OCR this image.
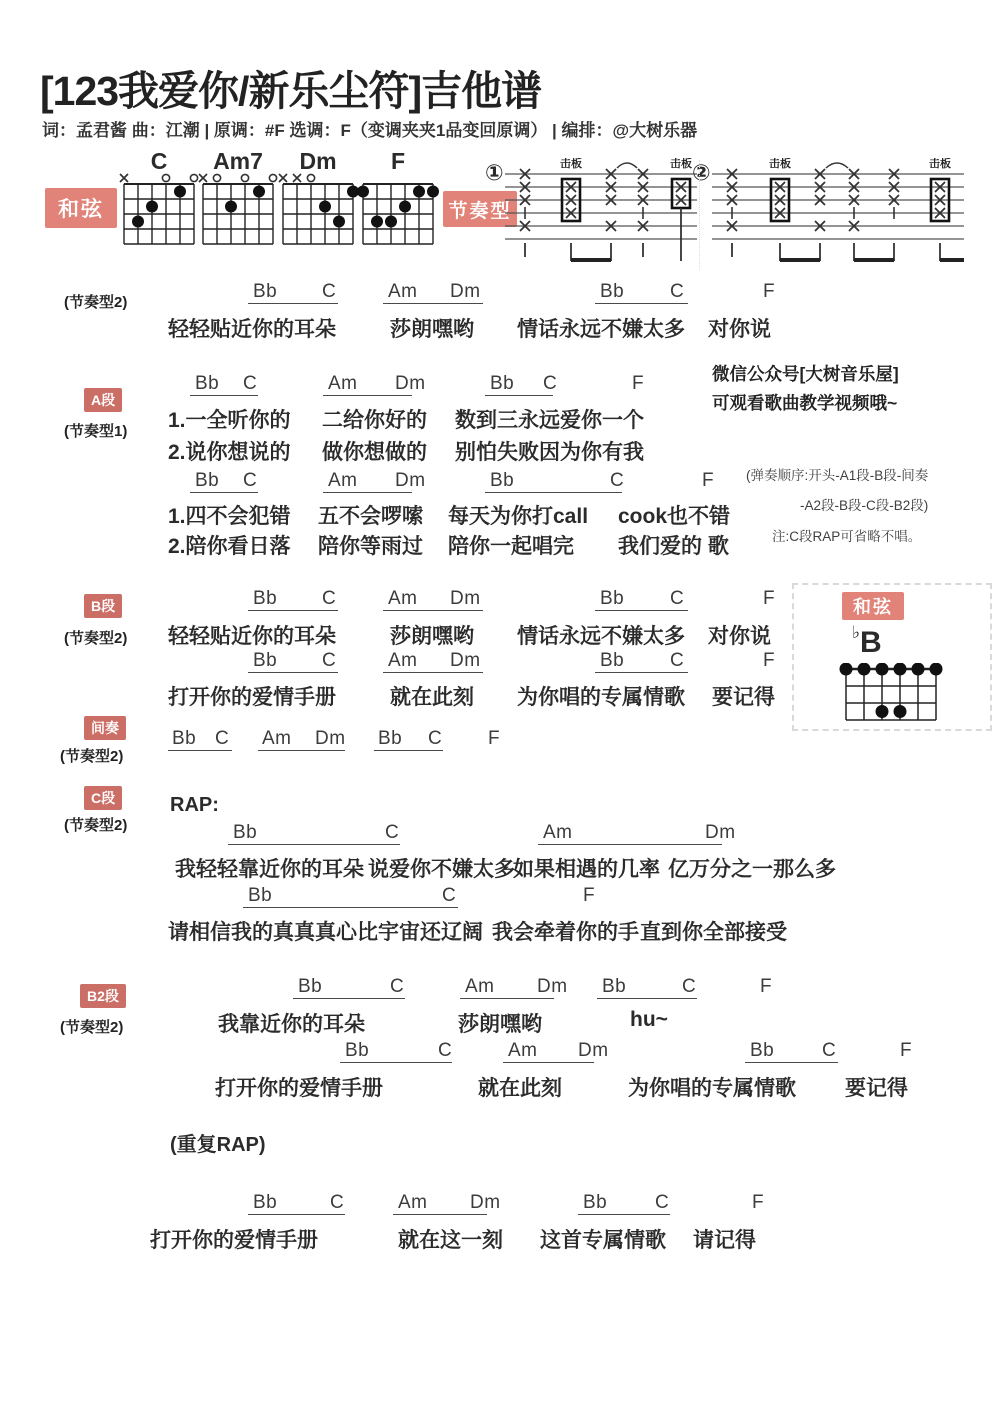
[123我爱你/新乐尘符]吉他谱
词：孟君酱 曲：江潮 | 原调：#F 选调：F（变调夹夹1品变回原调） | 编排：@大树乐器
和弦
C	Am7	Dm	F
节奏型
①	击板	击板 ②	击板	击板
微信公众号[大树音乐屋]
可观看歌曲教学视频哦~
(弹奏顺序:开头-A1段-B段-间奏
-A2段-B段-C段-B2段)
注:C段RAP可省略不唱。
和弦
♭B
(节奏型2)
Bb C	Am Dm	Bb C	F
轻轻贴近你的耳朵	莎朗嘿哟 情话永远不嫌太多 对你说
A段
(节奏型1)
Bb C	Am Dm	Bb C	F
1.一全听你的 二给你好的 数到三永远爱你一个
2.说你想说的 做你想做的 别怕失败因为你有我
Bb C	Am Dm	Bb	C	F
1.四不会犯错 五不会啰嗦 每天为你打call cook也不错
2.陪你看日落 陪你等雨过 陪你一起唱完 我们爱的 歌
B段
(节奏型2)
Bb C	Am Dm	Bb C	F
轻轻贴近你的耳朵	莎朗嘿哟 情话永远不嫌太多 对你说
Bb C	Am Dm	Bb C	F
打开你的爱情手册	就在此刻 为你唱的专属情歌 要记得
间奏
(节奏型2)
Bb C Am Dm Bb C F
C段
(节奏型2)
RAP:
Bb	C	Am	Dm
我轻轻靠近你的耳朵 说爱你不嫌太多
如果相遇的几率 亿万分之一那么多
Bb	C	F
请相信我的真真真心比宇宙还辽阔 我会牵着你的手 直到你全部接受
B2段
(节奏型2)
Bb	C	Am Dm Bb	C	F
我靠近你的耳朵	莎朗嘿哟	hu~
Bb	C	Am Dm	Bb	C	F
打开你的爱情手册	就在此刻	为你唱的专属情歌 要记得
(重复RAP)
Bb	C	Am Dm	Bb	C	F
打开你的爱情手册	就在这一刻 这首专属情歌 请记得
